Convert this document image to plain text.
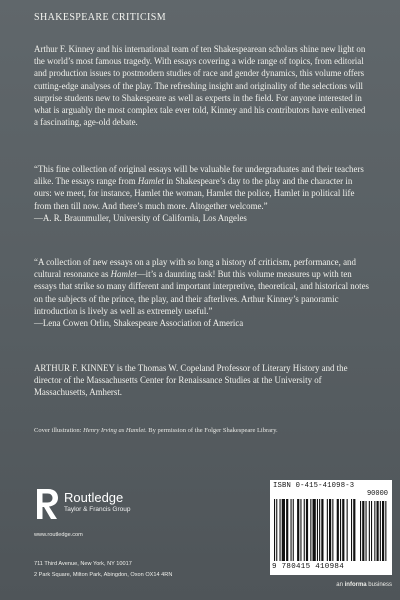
SHAKESPEARE CRITICISM

Arthur F. Kinney and his international team of ten Shakespearean scholars shine new light on the world’s most famous tragedy. With essays covering a wide range of topics, from editorial and production issues to postmodern studies of race and gender dynamics, this volume offers cutting-edge analyses of the play. The refreshing insight and originality of the selections will surprise students new to Shakespeare as well as experts in the field. For anyone interested in what is arguably the most complex tale ever told, Kinney and his contributors have enlivened a fascinating, age-old debate.

“This fine collection of original essays will be valuable for undergraduates and their teachers alike. The essays range from Hamlet in Shakespeare’s day to the play and the character in ours: we meet, for instance, Hamlet the woman, Hamlet the police, Hamlet in political life from then till now. And there’s much more. Altogether welcome.”
—A. R. Braunmuller, University of California, Los Angeles

“A collection of new essays on a play with so long a history of criticism, performance, and cultural resonance as Hamlet—it’s a daunting task! But this volume measures up with ten essays that strike so many different and important interpretive, theoretical, and historical notes on the subjects of the prince, the play, and their afterlives. Arthur Kinney’s panoramic introduction is lively as well as extremely useful.”
—Lena Cowen Orlin, Shakespeare Association of America

ARTHUR F. KINNEY is the Thomas W. Copeland Professor of Literary History and the director of the Massachusetts Center for Renaissance Studies at the University of Massachusetts, Amherst.

Cover illustration: Henry Irving as Hamlet. By permission of the Folger Shakespeare Library.
Routledge
Taylor & Francis Group
www.routledge.com
711 Third Avenue, New York, NY 10017
2 Park Square, Milton Park, Abingdon, Oxon OX14 4RN
ISBN 0-415-41098-3
90000
9 780415 410984
an informa business
